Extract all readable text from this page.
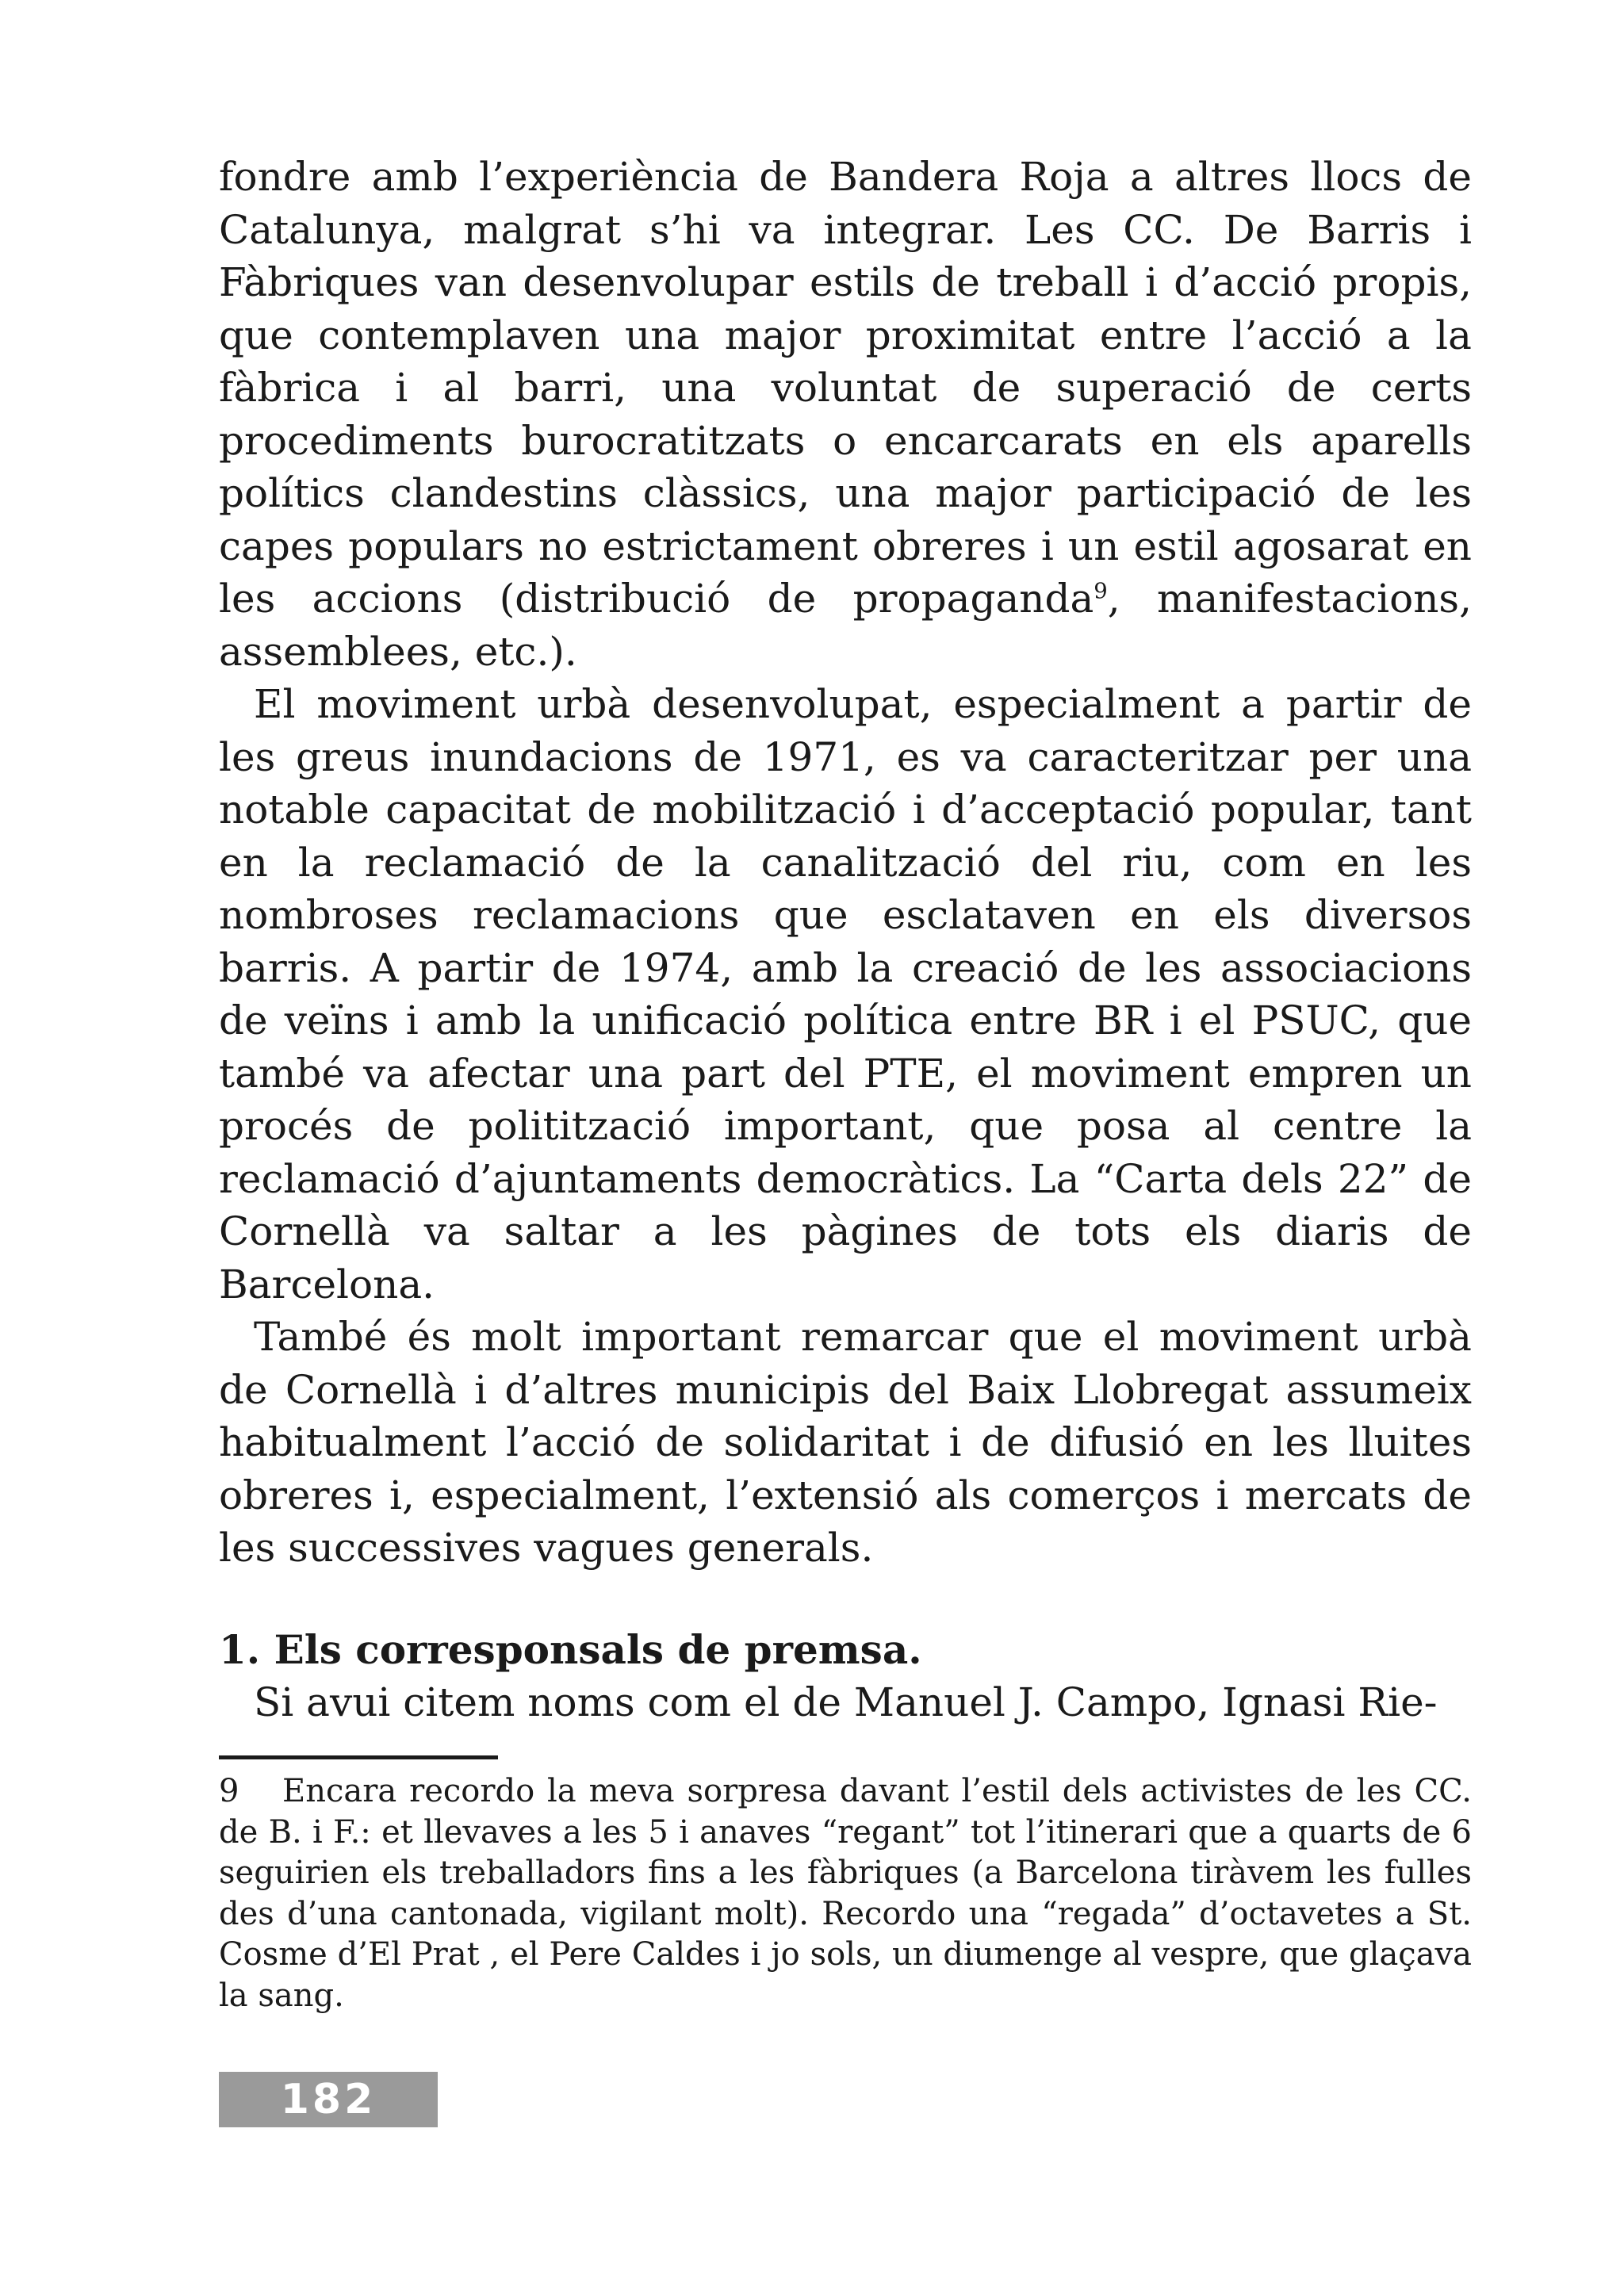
fondre amb l’experiència de Bandera Roja a altres llocs de Catalunya, malgrat s’hi va integrar. Les CC. De Barris i Fàbriques van desenvolupar estils de treball i d’acció propis, que contemplaven una major proximitat entre l’acció a la fàbrica i al barri, una voluntat de superació de certs procediments burocratitzats o encarcarats en els aparells polítics clandestins clàssics, una major participació de les capes populars no estrictament obreres i un estil agosarat en les accions (distribució de propaganda$^9$, manifestacions, assemblees, etc.).

El moviment urbà desenvolupat, especialment a partir de les greus inundacions de 1971, es va caracteritzar per una notable capacitat de mobilització i d’acceptació popular, tant en la reclamació de la canalització del riu, com en les nombroses reclamacions que esclataven en els diversos barris. A partir de 1974, amb la creació de les associacions de veïns i amb la unificació política entre BR i el PSUC, que també va afectar una part del PTE, el moviment empren un procés de politització important, que posa al centre la reclamació d’ajuntaments democràtics. La “Carta dels 22” de Cornellà va saltar a les pàgines de tots els diaris de Barcelona.

També és molt important remarcar que el moviment urbà de Cornellà i d’altres municipis del Baix Llobregat assumeix habitualment l’acció de solidaritat i de difusió en les lluites obreres i, especialment, l’extensió als comerços i mercats de les successives vagues generals.

1. Els corresponsals de premsa.

Si avui citem noms com el de Manuel J. Campo, Ignasi Rie-

9 Encara recordo la meva sorpresa davant l’estil dels activistes de les CC. de B. i F.: et llevaves a les 5 i anaves “regant” tot l’itinerari que a quarts de 6 seguirien els treballadors fins a les fàbriques (a Barcelona tiràvem les fulles des d’una cantonada, vigilant molt). Recordo una “regada” d’octavetes a St. Cosme d’El Prat , el Pere Caldes i jo sols, un diumenge al vespre, que glaçava la sang.
182
